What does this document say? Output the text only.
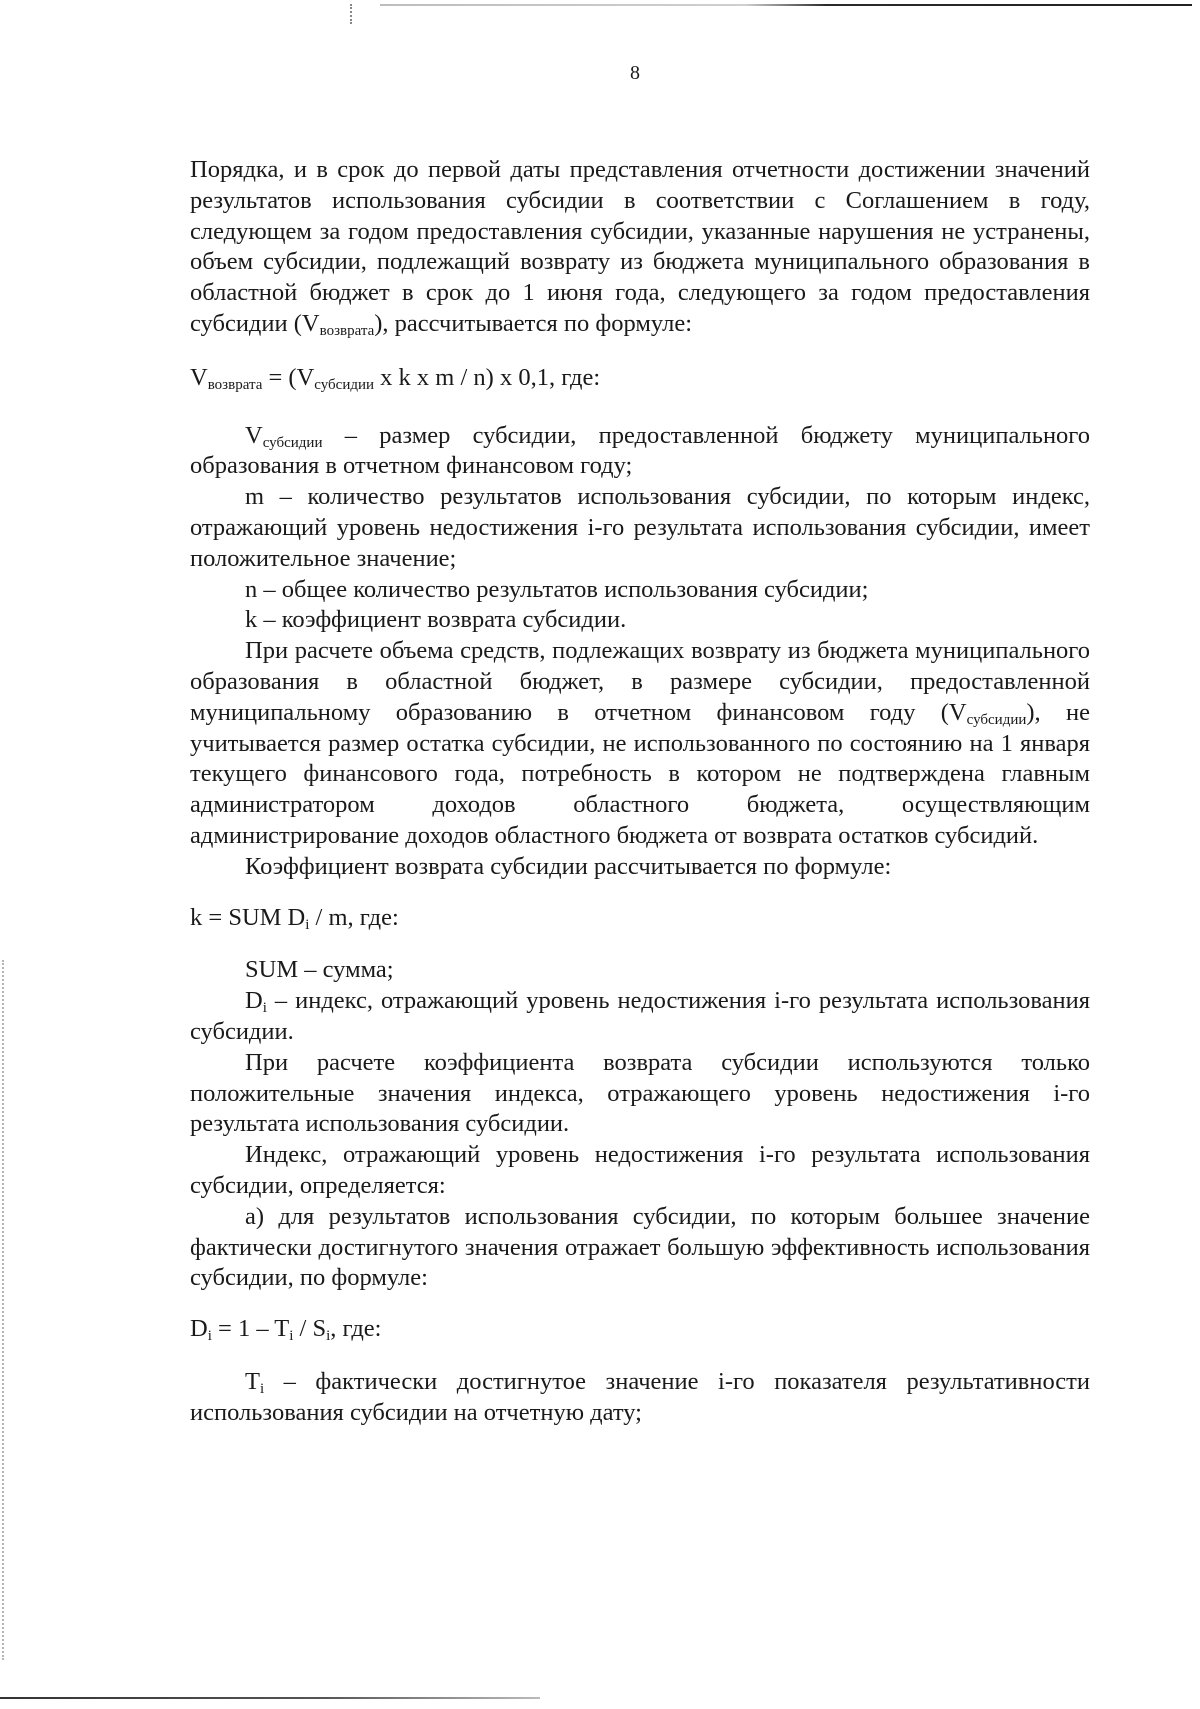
8

Порядка, и в срок до первой даты представления отчетности достижении значений результатов использования субсидии в соответствии с Соглашением в году, следующем за годом предоставления субсидии, указанные нарушения не устранены, объем субсидии, подлежащий возврату из бюджета муниципального образования в областной бюджет в срок до 1 июня года, следующего за годом предоставления субсидии $(V_{возврата})$, рассчитывается по формуле:

$V_{возврата} = (V_{субсидии}$ x k x m / n) x 0,1, где:

$V_{субсидии}$ – размер субсидии, предоставленной бюджету муниципального образования в отчетном финансовом году;

m – количество результатов использования субсидии, по которым индекс, отражающий уровень недостижения i-го результата использования субсидии, имеет положительное значение;

n – общее количество результатов использования субсидии;

k – коэффициент возврата субсидии.

При расчете объема средств, подлежащих возврату из бюджета муниципального образования в областной бюджет, в размере субсидии, предоставленной муниципальному образованию в отчетном финансовом году $(V_{субсидии})$, не учитывается размер остатка субсидии, не использованного по состоянию на 1 января текущего финансового года, потребность в котором не подтверждена главным администратором доходов областного бюджета, осуществляющим администрирование доходов областного бюджета от возврата остатков субсидий.

Коэффициент возврата субсидии рассчитывается по формуле:

k = SUM $D_i$ / m, где:

SUM – сумма;

$D_i$ – индекс, отражающий уровень недостижения i-го результата использования субсидии.

При расчете коэффициента возврата субсидии используются только положительные значения индекса, отражающего уровень недостижения i-го результата использования субсидии.

Индекс, отражающий уровень недостижения i-го результата использования субсидии, определяется:

а) для результатов использования субсидии, по которым большее значение фактически достигнутого значения отражает большую эффективность использования субсидии, по формуле:

$D_i = 1 - T_i / S_i$, где:

$T_i$ – фактически достигнутое значение i-го показателя результативности использования субсидии на отчетную дату;
